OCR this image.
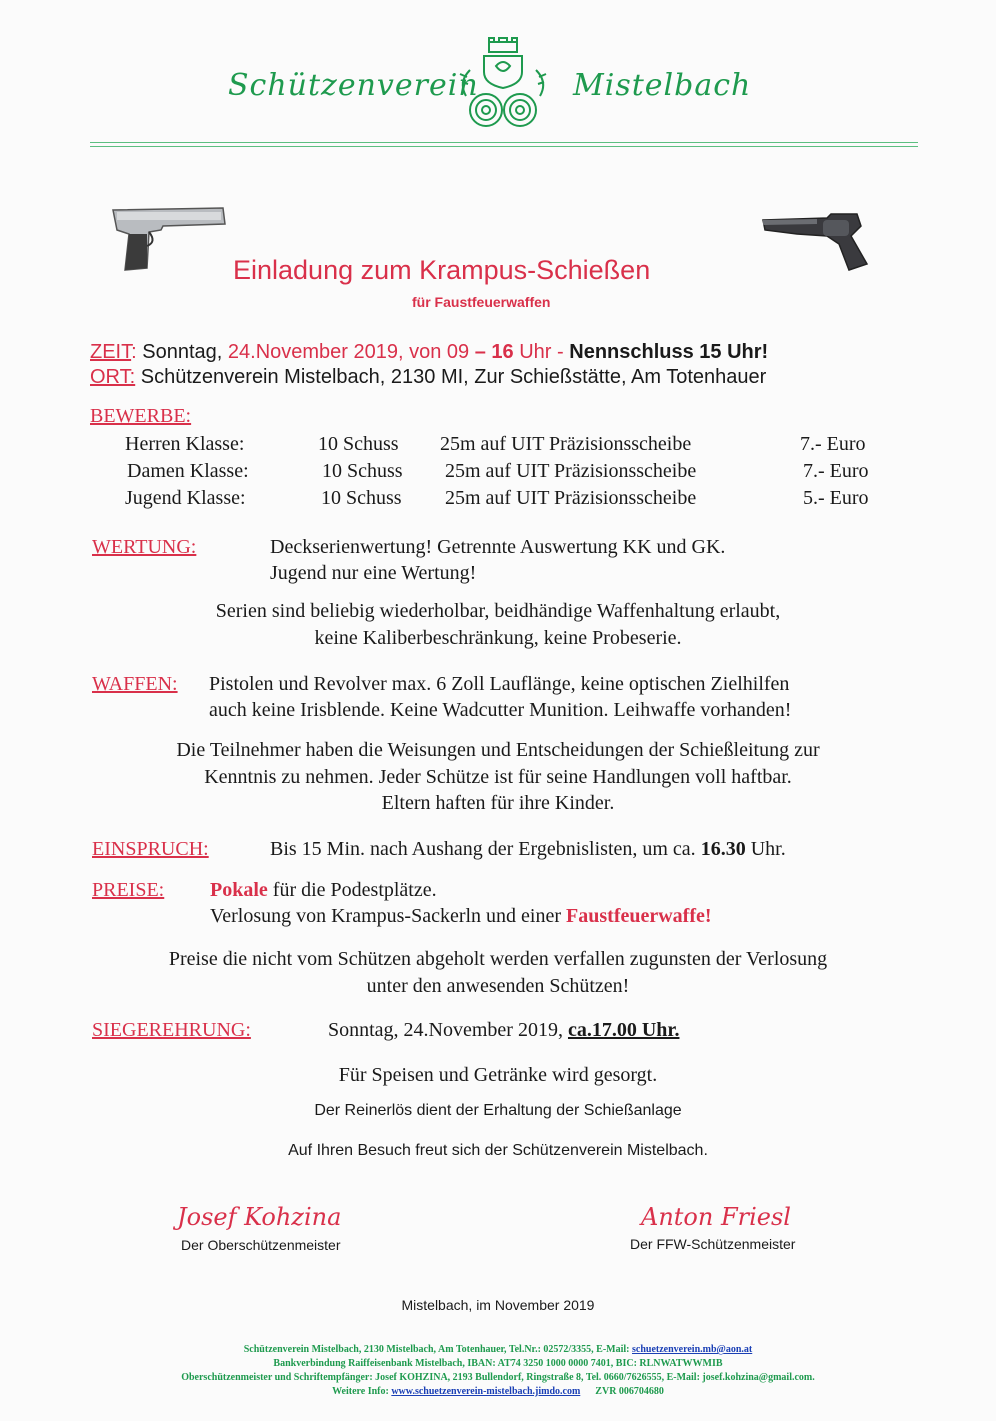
Schützenverein	Mistelbach
Einladung zum Krampus-Schießen
für Faustfeuerwaffen
ZEIT: Sonntag, 24.November 2019, von 09 – 16 Uhr - Nennschluss 15 Uhr!
ORT: Schützenverein Mistelbach, 2130 MI, Zur Schießstätte, Am Totenhauer
BEWERBE:
Herren Klasse:	10 Schuss 25m auf UIT Präzisionsscheibe	7.- Euro
Damen Klasse:	10 Schuss 25m auf UIT Präzisionsscheibe	7.- Euro
Jugend Klasse:	10 Schuss 25m auf UIT Präzisionsscheibe	5.- Euro
WERTUNG:	Deckserienwertung! Getrennte Auswertung KK und GK.
Jugend nur eine Wertung!
Serien sind beliebig wiederholbar, beidhändige Waffenhaltung erlaubt,
keine Kaliberbeschränkung, keine Probeserie.
WAFFEN: Pistolen und Revolver max. 6 Zoll Lauflänge, keine optischen Zielhilfen
auch keine Irisblende. Keine Wadcutter Munition. Leihwaffe vorhanden!
Die Teilnehmer haben die Weisungen und Entscheidungen der Schießleitung zur
Kenntnis zu nehmen. Jeder Schütze ist für seine Handlungen voll haftbar.
Eltern haften für ihre Kinder.
EINSPRUCH:	Bis 15 Min. nach Aushang der Ergebnislisten, um ca. 16.30 Uhr.
PREISE: Pokale für die Podestplätze.
Verlosung von Krampus-Sackerln und einer Faustfeuerwaffe!
Preise die nicht vom Schützen abgeholt werden verfallen zugunsten der Verlosung
unter den anwesenden Schützen!
SIEGEREHRUNG:	Sonntag, 24.November 2019, ca.17.00 Uhr.
Für Speisen und Getränke wird gesorgt.
Der Reinerlös dient der Erhaltung der Schießanlage
Auf Ihren Besuch freut sich der Schützenverein Mistelbach.
Josef Kohzina
Der Oberschützenmeister
Anton Friesl
Der FFW-Schützenmeister
Mistelbach, im November 2019
Schützenverein Mistelbach, 2130 Mistelbach, Am Totenhauer, Tel.Nr.: 02572/3355, E-Mail: schuetzenverein.mb@aon.at
Bankverbindung Raiffeisenbank Mistelbach, IBAN: AT74 3250 1000 0000 7401, BIC: RLNWATWWMIB
Oberschützenmeister und Schriftempfänger: Josef KOHZINA, 2193 Bullendorf, Ringstraße 8, Tel. 0660/7626555, E-Mail: josef.kohzina@gmail.com.
Weitere Info: www.schuetzenverein-mistelbach.jimdo.com ZVR 006704680
